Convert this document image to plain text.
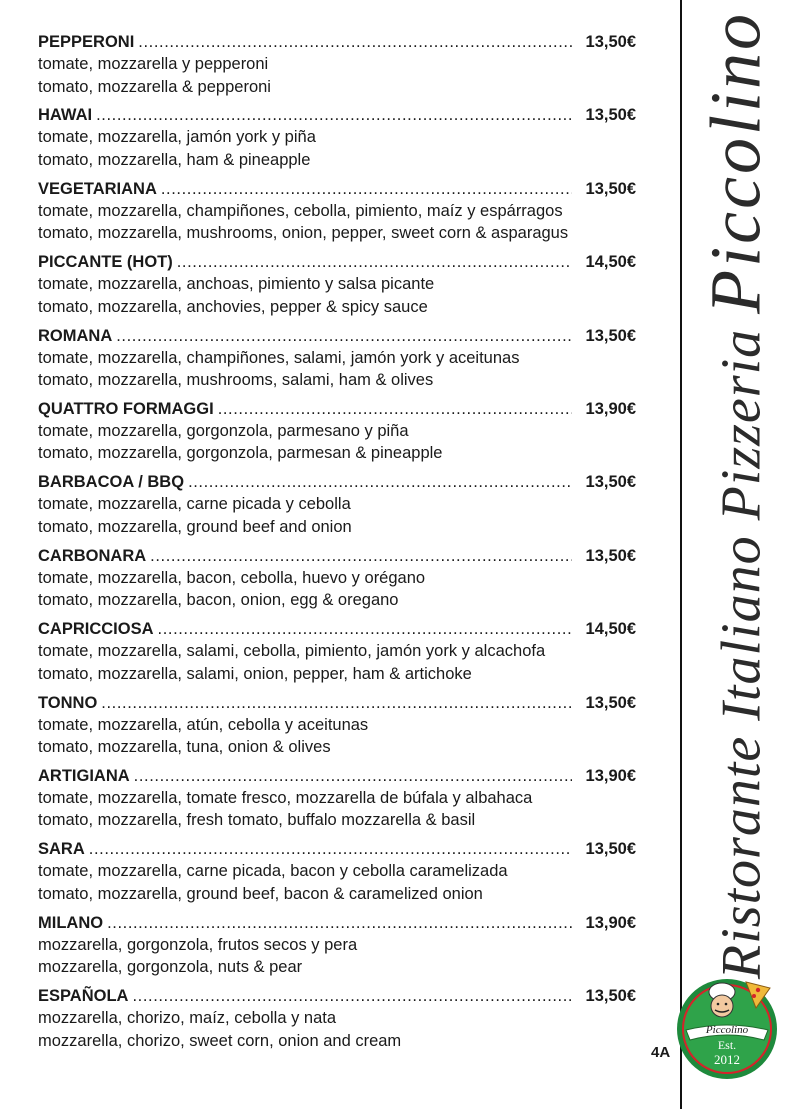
PEPPERONI .....	13,50€
tomate, mozzarella y pepperoni
tomato, mozzarella & pepperoni
HAWAI .....	13,50€
tomate, mozzarella, jamón york y piña
tomato, mozzarella, ham & pineapple
VEGETARIANA .....	13,50€
tomate, mozzarella, champiñones, cebolla, pimiento, maíz y espárragos
tomato, mozzarella, mushrooms, onion, pepper, sweet corn & asparagus
PICCANTE (HOT) .....	14,50€
tomate, mozzarella, anchoas, pimiento y salsa picante
tomato, mozzarella, anchovies, pepper & spicy sauce
ROMANA .....	13,50€
tomate, mozzarella, champiñones, salami, jamón york y aceitunas
tomato, mozzarella, mushrooms, salami, ham & olives
QUATTRO FORMAGGI .....	13,90€
tomate, mozzarella, gorgonzola, parmesano y piña
tomato, mozzarella, gorgonzola, parmesan & pineapple
BARBACOA / BBQ .....	13,50€
tomate, mozzarella, carne picada y cebolla
tomato, mozzarella, ground beef and onion
CARBONARA .....	13,50€
tomate, mozzarella, bacon, cebolla, huevo y orégano
tomato, mozzarella, bacon, onion, egg & oregano
CAPRICCIOSA .....	14,50€
tomate, mozzarella, salami, cebolla, pimiento, jamón york y alcachofa
tomato, mozzarella, salami, onion, pepper, ham & artichoke
TONNO .....	13,50€
tomate, mozzarella, atún, cebolla y aceitunas
tomato, mozzarella, tuna, onion & olives
ARTIGIANA .....	13,90€
tomate, mozzarella, tomate fresco, mozzarella de búfala y albahaca
tomato, mozzarella, fresh tomato, buffalo mozzarella & basil
SARA .....	13,50€
tomate, mozzarella, carne picada, bacon y cebolla caramelizada
tomato, mozzarella, ground beef, bacon & caramelized onion
MILANO .....	13,90€
mozzarella, gorgonzola, frutos secos y pera
mozzarella, gorgonzola, nuts & pear
ESPAÑOLA .....	13,50€
mozzarella, chorizo, maíz, cebolla y nata
mozzarella, chorizo, sweet corn, onion and cream
Ristorante Italiano Pizzeria Piccolino
4A
Piccolino
Est.
2012
